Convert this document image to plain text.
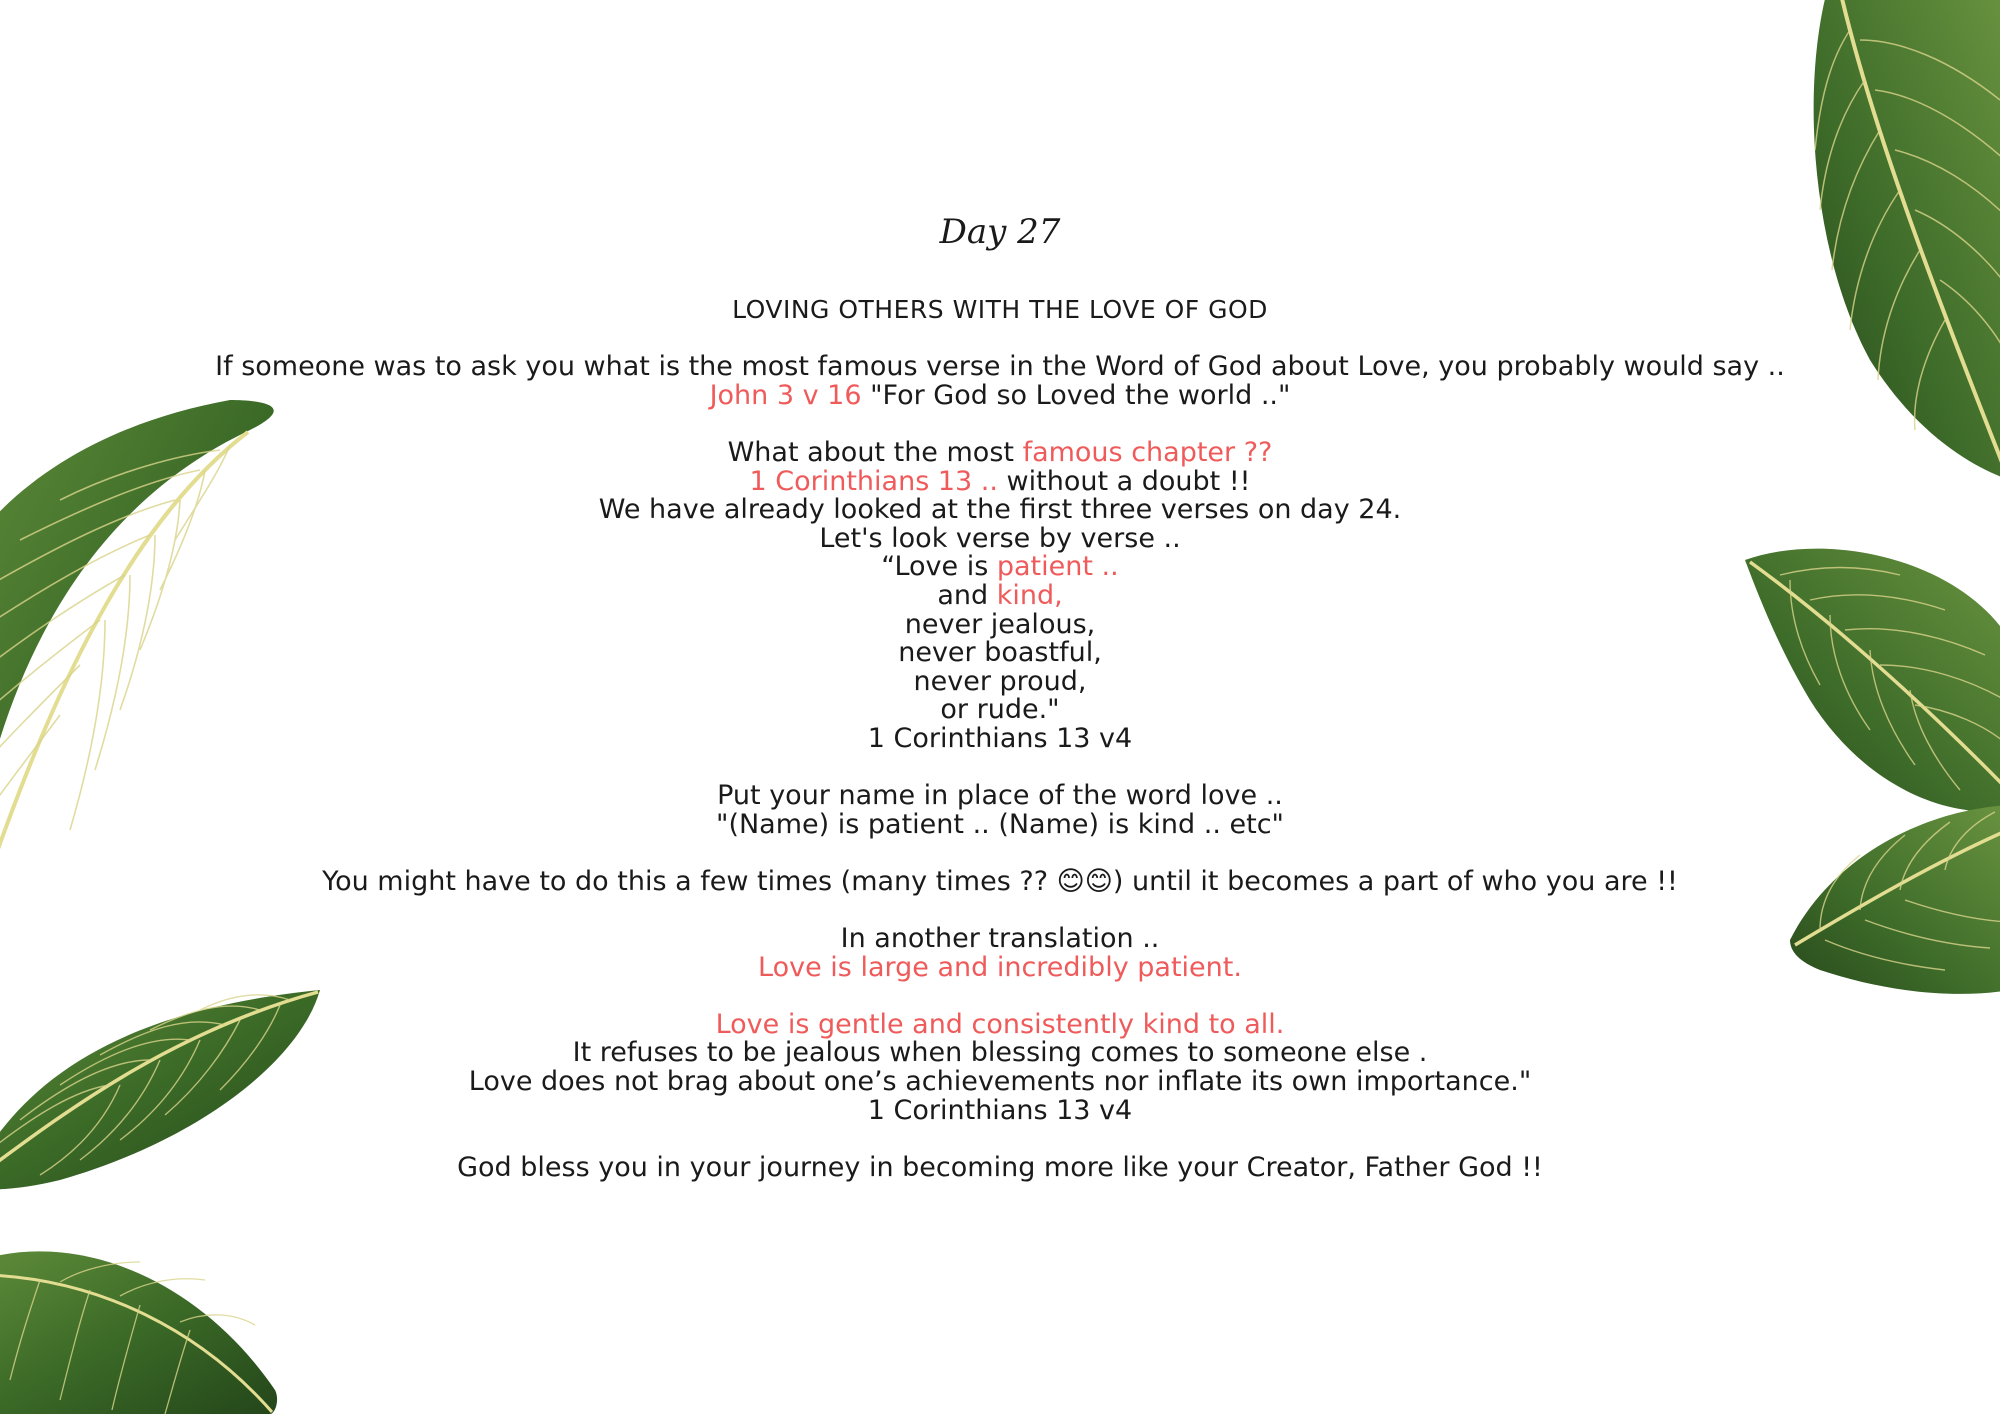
Day 27
LOVING OTHERS WITH THE LOVE OF GOD
If someone was to ask you what is the most famous verse in the Word of God about Love, you probably would say ..
John 3 v 16 "For God so Loved the world .."
What about the most famous chapter ??
1 Corinthians 13 .. without a doubt !!
We have already looked at the first three verses on day 24.
Let's look verse by verse ..
“Love is patient ..
and kind,
never jealous,
never boastful,
never proud,
or rude."
1 Corinthians 13 v4
Put your name in place of the word love ..
"(Name) is patient .. (Name) is kind .. etc"
You might have to do this a few times (many times ?? 😊😊) until it becomes a part of who you are !!
In another translation ..
Love is large and incredibly patient.
Love is gentle and consistently kind to all.
It refuses to be jealous when blessing comes to someone else .
Love does not brag about one’s achievements nor inflate its own importance."
1 Corinthians 13 v4
God bless you in your journey in becoming more like your Creator, Father God !!
